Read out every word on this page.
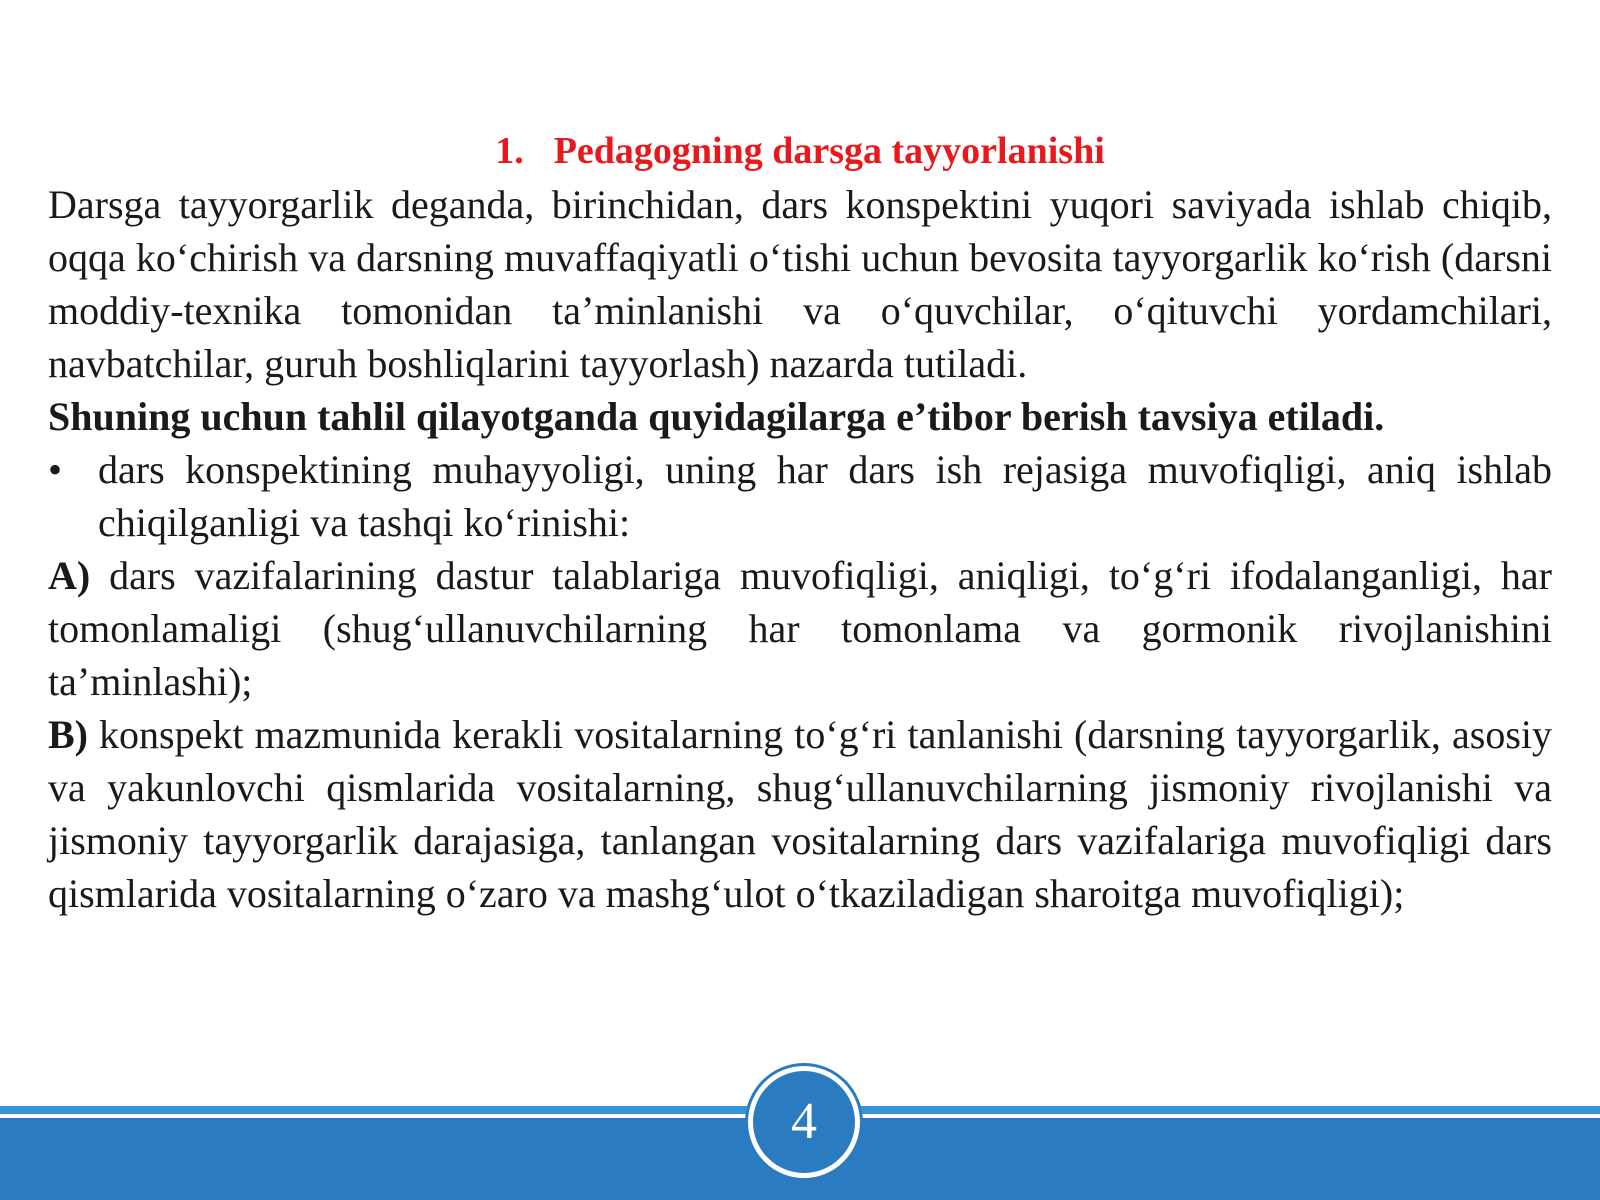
1. Pedagogning darsga tayyorlanishi

Darsga tayyorgarlik deganda, birinchidan, dars konspektini yuqori saviyada ishlab chiqib, oqqa ko‘chirish va darsning muvaffaqiyatli o‘tishi uchun bevosita tayyorgarlik ko‘rish (darsni moddiy-texnika tomonidan ta’minlanishi va o‘quvchilar, o‘qituvchi yordamchilari, navbatchilar, guruh boshliqlarini tayyorlash) nazarda tutiladi.

Shuning uchun tahlil qilayotganda quyidagilarga e’tibor berish tavsiya etiladi.

• dars konspektining muhayyoligi, uning har dars ish rejasiga muvofiqligi, aniq ishlab chiqilganligi va tashqi ko‘rinishi:

A) dars vazifalarining dastur talablariga muvofiqligi, aniqligi, to‘g‘ri ifodalanganligi, har tomonlamaligi (shug‘ullanuvchilarning har tomonlama va gormonik rivojlanishini ta’minlashi);

B) konspekt mazmunida kerakli vositalarning to‘g‘ri tanlanishi (darsning tayyorgarlik, asosiy va yakunlovchi qismlarida vositalarning, shug‘ullanuvchilarning jismoniy rivojlanishi va jismoniy tayyorgarlik darajasiga, tanlangan vositalarning dars vazifalariga muvofiqligi dars qismlarida vositalarning o‘zaro va mashg‘ulot o‘tkaziladigan sharoitga muvofiqligi);

4
